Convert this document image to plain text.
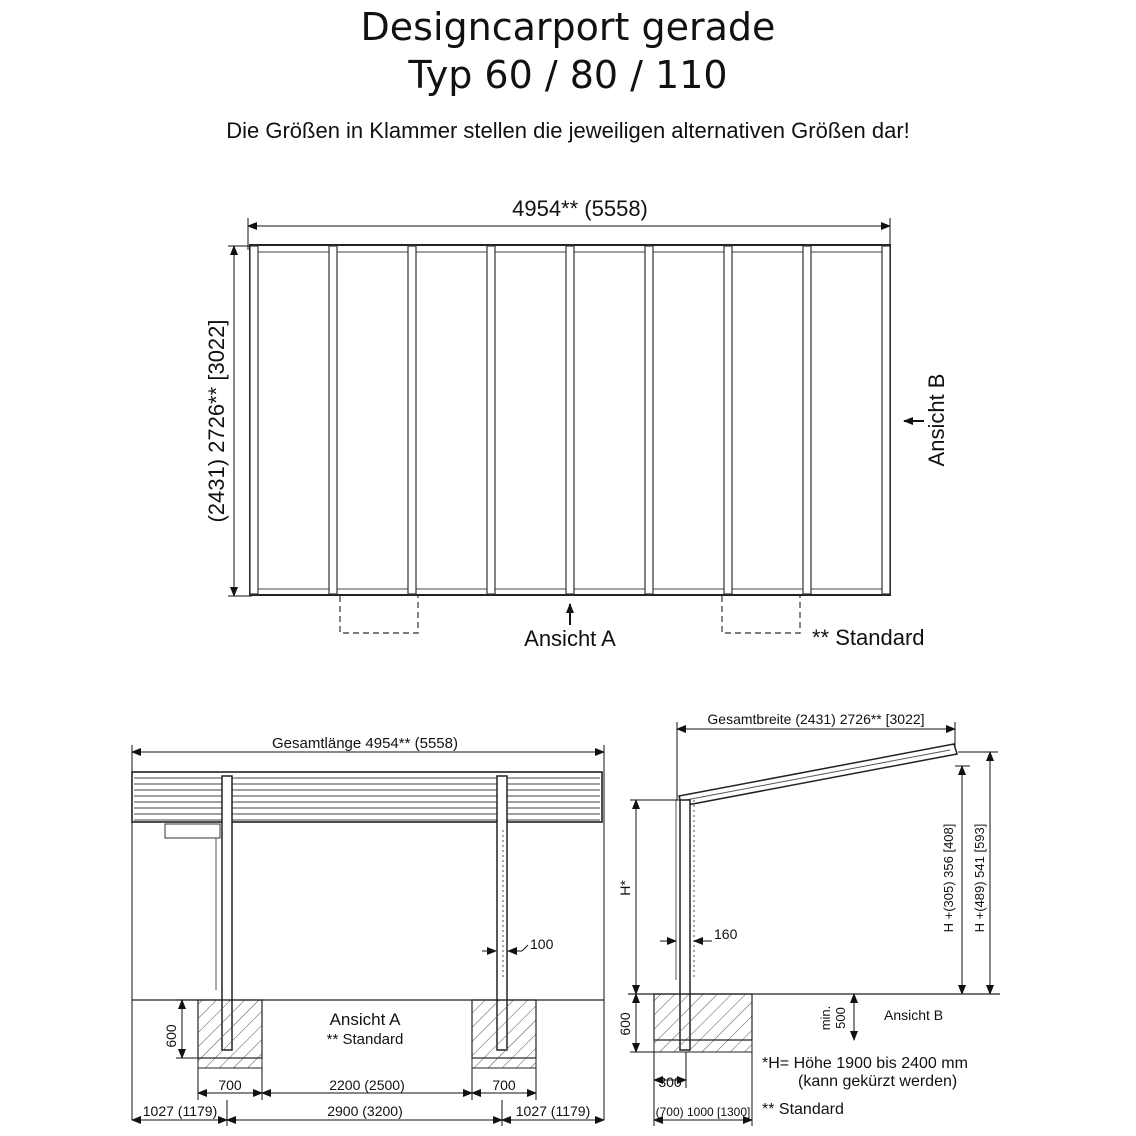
Designcarport gerade
Typ 60 / 80 / 110
Die Größen in Klammer stellen die jeweiligen alternativen Größen dar!
4954** (5558)
(2431) 2726** [3022]
Ansicht A
Ansicht B
** Standard
Gesamtlänge 4954** (5558)
100
600
Ansicht A
** Standard
700	2200 (2500)	700
1027 (1179)	2900 (3200)	1027 (1179)
Gesamtbreite (2431) 2726** [3022]
H*
160
H +(305) 356 [408] H +(489) 541 [593]
600	min. 500	Ansicht B
300
(700) 1000 [1300]
*H= Höhe 1900 bis 2400 mm
(kann gekürzt werden)
** Standard
